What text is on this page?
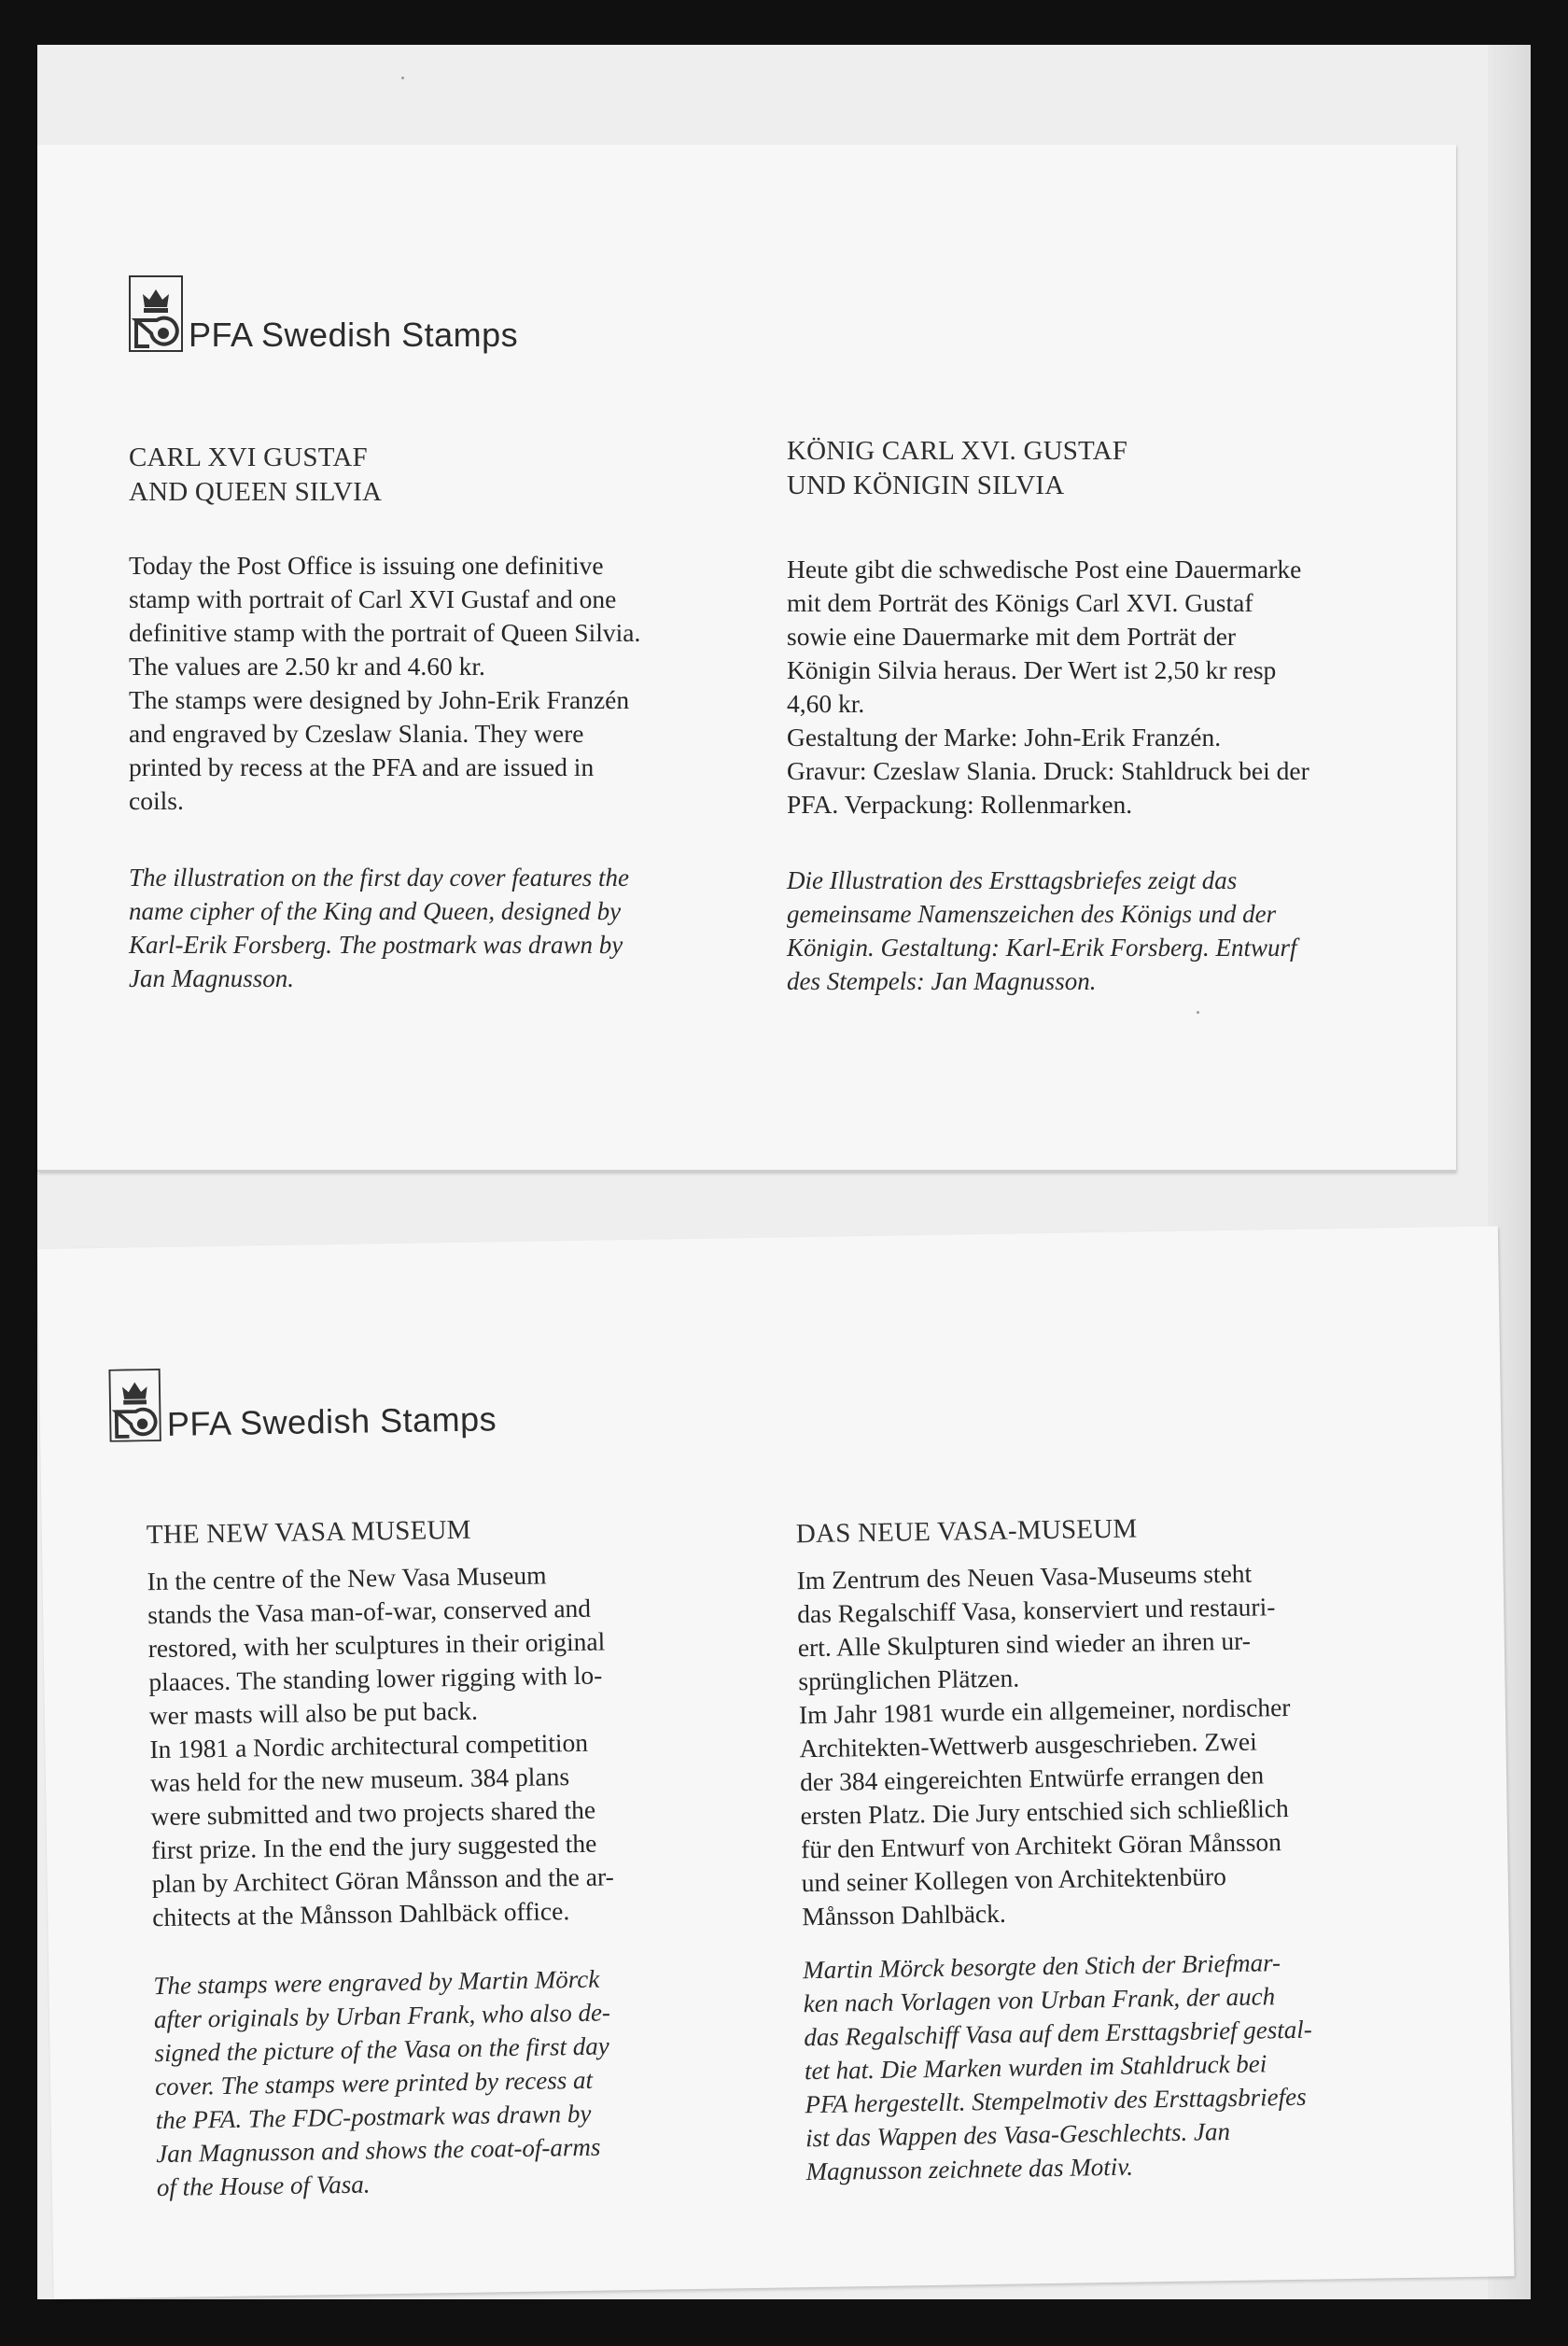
PFA Swedish Stamps
CARL XVI GUSTAF
AND QUEEN SILVIA
Today the Post Office is issuing one definitive
stamp with portrait of Carl XVI Gustaf and one
definitive stamp with the portrait of Queen Silvia.
The values are 2.50 kr and 4.60 kr.
The stamps were designed by John-Erik Franzén
and engraved by Czeslaw Slania. They were
printed by recess at the PFA and are issued in
coils.
The illustration on the first day cover features the
name cipher of the King and Queen, designed by
Karl-Erik Forsberg. The postmark was drawn by
Jan Magnusson.
KÖNIG CARL XVI. GUSTAF
UND KÖNIGIN SILVIA
Heute gibt die schwedische Post eine Dauermarke
mit dem Porträt des Königs Carl XVI. Gustaf
sowie eine Dauermarke mit dem Porträt der
Königin Silvia heraus. Der Wert ist 2,50 kr resp
4,60 kr.
Gestaltung der Marke: John-Erik Franzén.
Gravur: Czeslaw Slania. Druck: Stahldruck bei der
PFA. Verpackung: Rollenmarken.
Die Illustration des Ersttagsbriefes zeigt das
gemeinsame Namenszeichen des Königs und der
Königin. Gestaltung: Karl-Erik Forsberg. Entwurf
des Stempels: Jan Magnusson.
PFA Swedish Stamps
THE NEW VASA MUSEUM
In the centre of the New Vasa Museum
stands the Vasa man-of-war, conserved and
restored, with her sculptures in their original
plaaces. The standing lower rigging with lo-
wer masts will also be put back.
In 1981 a Nordic architectural competition
was held for the new museum. 384 plans
were submitted and two projects shared the
first prize. In the end the jury suggested the
plan by Architect Göran Månsson and the ar-
chitects at the Månsson Dahlbäck office.
The stamps were engraved by Martin Mörck
after originals by Urban Frank, who also de-
signed the picture of the Vasa on the first day
cover. The stamps were printed by recess at
the PFA. The FDC-postmark was drawn by
Jan Magnusson and shows the coat-of-arms
of the House of Vasa.
DAS NEUE VASA-MUSEUM
Im Zentrum des Neuen Vasa-Museums steht
das Regalschiff Vasa, konserviert und restauri-
ert. Alle Skulpturen sind wieder an ihren ur-
sprünglichen Plätzen.
Im Jahr 1981 wurde ein allgemeiner, nordischer
Architekten-Wettwerb ausgeschrieben. Zwei
der 384 eingereichten Entwürfe errangen den
ersten Platz. Die Jury entschied sich schließlich
für den Entwurf von Architekt Göran Månsson
und seiner Kollegen von Architektenbüro
Månsson Dahlbäck.
Martin Mörck besorgte den Stich der Briefmar-
ken nach Vorlagen von Urban Frank, der auch
das Regalschiff Vasa auf dem Ersttagsbrief gestal-
tet hat. Die Marken wurden im Stahldruck bei
PFA hergestellt. Stempelmotiv des Ersttagsbriefes
ist das Wappen des Vasa-Geschlechts. Jan
Magnusson zeichnete das Motiv.
